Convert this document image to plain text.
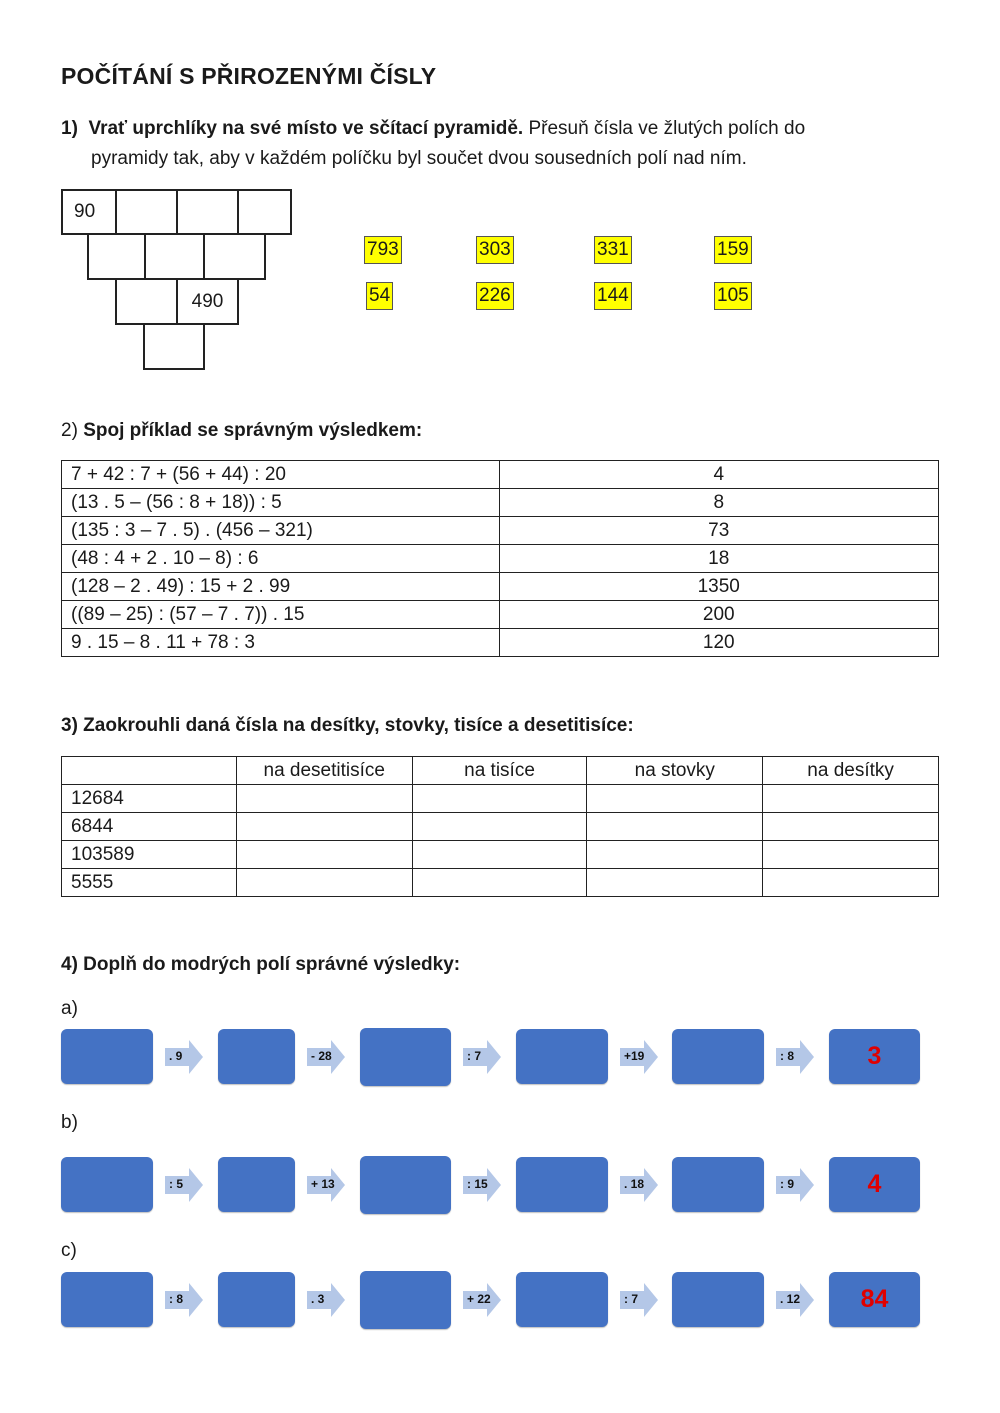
POČÍTÁNÍ S PŘIROZENÝMI ČÍSLY
1) Vrať uprchlíky na své místo ve sčítací pyramidě. Přesuň čísla ve žlutých polích do
pyramidy tak, aby v každém políčku byl součet dvou sousedních polí nad ním.
90
490
793	303	331	159
54	226	144	105
2) Spoj příklad se správným výsledkem:
7 + 42 : 7 + (56 + 44) : 20	4
(13 . 5 – (56 : 8 + 18)) : 5	8
(135 : 3 – 7 . 5) . (456 – 321)	73
(48 : 4 + 2 . 10 – 8) : 6	18
(128 – 2 . 49) : 15 + 2 . 99	1350
((89 – 25) : (57 – 7 . 7)) . 15	200
9 . 15 – 8 . 11 + 78 : 3	120
3) Zaokrouhli daná čísla na desítky, stovky, tisíce a desetitisíce:
	na desetitisíce	na tisíce	na stovky	na desítky
12684				
6844				
103589				
5555				
4) Doplň do modrých polí správné výsledky:
a)
3
. 9	- 28	: 7	+19	: 8
b)
4
: 5	+ 13	: 15	. 18	: 9
c)
84
: 8	. 3	+ 22	: 7	. 12
